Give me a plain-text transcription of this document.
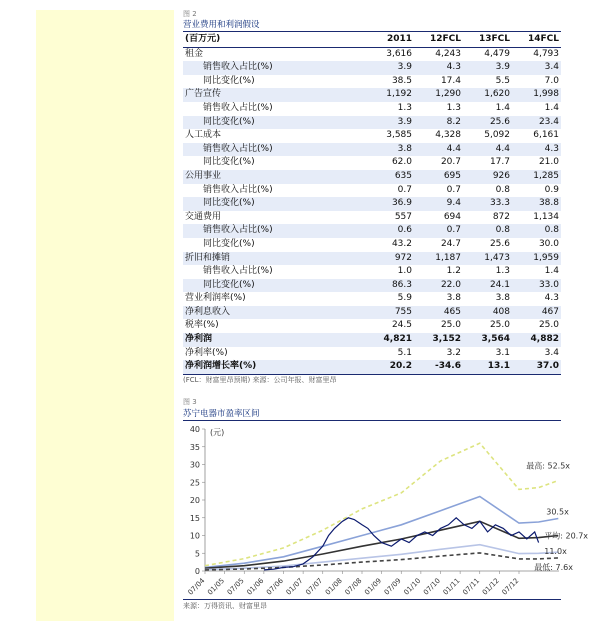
图 2
营业费用和利润假设
(百万元)	2011	12FCL	13FCL	14FCL
租金	3,616	4,243	4,479	4,793
销售收入占比(%)	3.9	4.3	3.9	3.4
同比变化(%)	38.5	17.4	5.5	7.0
广告宣传	1,192	1,290	1,620	1,998
销售收入占比(%)	1.3	1.3	1.4	1.4
同比变化(%)	3.9	8.2	25.6	23.4
人工成本	3,585	4,328	5,092	6,161
销售收入占比(%)	3.8	4.4	4.4	4.3
同比变化(%)	62.0	20.7	17.7	21.0
公用事业	635	695	926	1,285
销售收入占比(%)	0.7	0.7	0.8	0.9
同比变化(%)	36.9	9.4	33.3	38.8
交通费用	557	694	872	1,134
销售收入占比(%)	0.6	0.7	0.8	0.8
同比变化(%)	43.2	24.7	25.6	30.0
折旧和摊销	972	1,187	1,473	1,959
销售收入占比(%)	1.0	1.2	1.3	1.4
同比变化(%)	86.3	22.0	24.1	33.0
营业利润率(%)	5.9	3.8	3.8	4.3
净利息收入	755	465	408	467
税率(%)	24.5	25.0	25.0	25.0
净利润	4,821	3,152	3,564	4,882
净利率(%)	5.1	3.2	3.1	3.4
净利润增长率(%)	20.2	-34.6	13.1	37.0
(FCL：财富里昂预期) 来源：公司年报、财富里昂
图 3
苏宁电器市盈率区间
0
5
10
15
20
25
30
35
40 (元)
07/04 01/05 07/05 01/06 07/06 01/07 07/07 01/08 07/08 01/09 07/09 01/10 07/10 01/11 07/11 01/12 07/12
最高: 52.5x
30.5x
平均: 20.7x
11.0x
最低: 7.6x
来源：万得资讯、财富里昂
